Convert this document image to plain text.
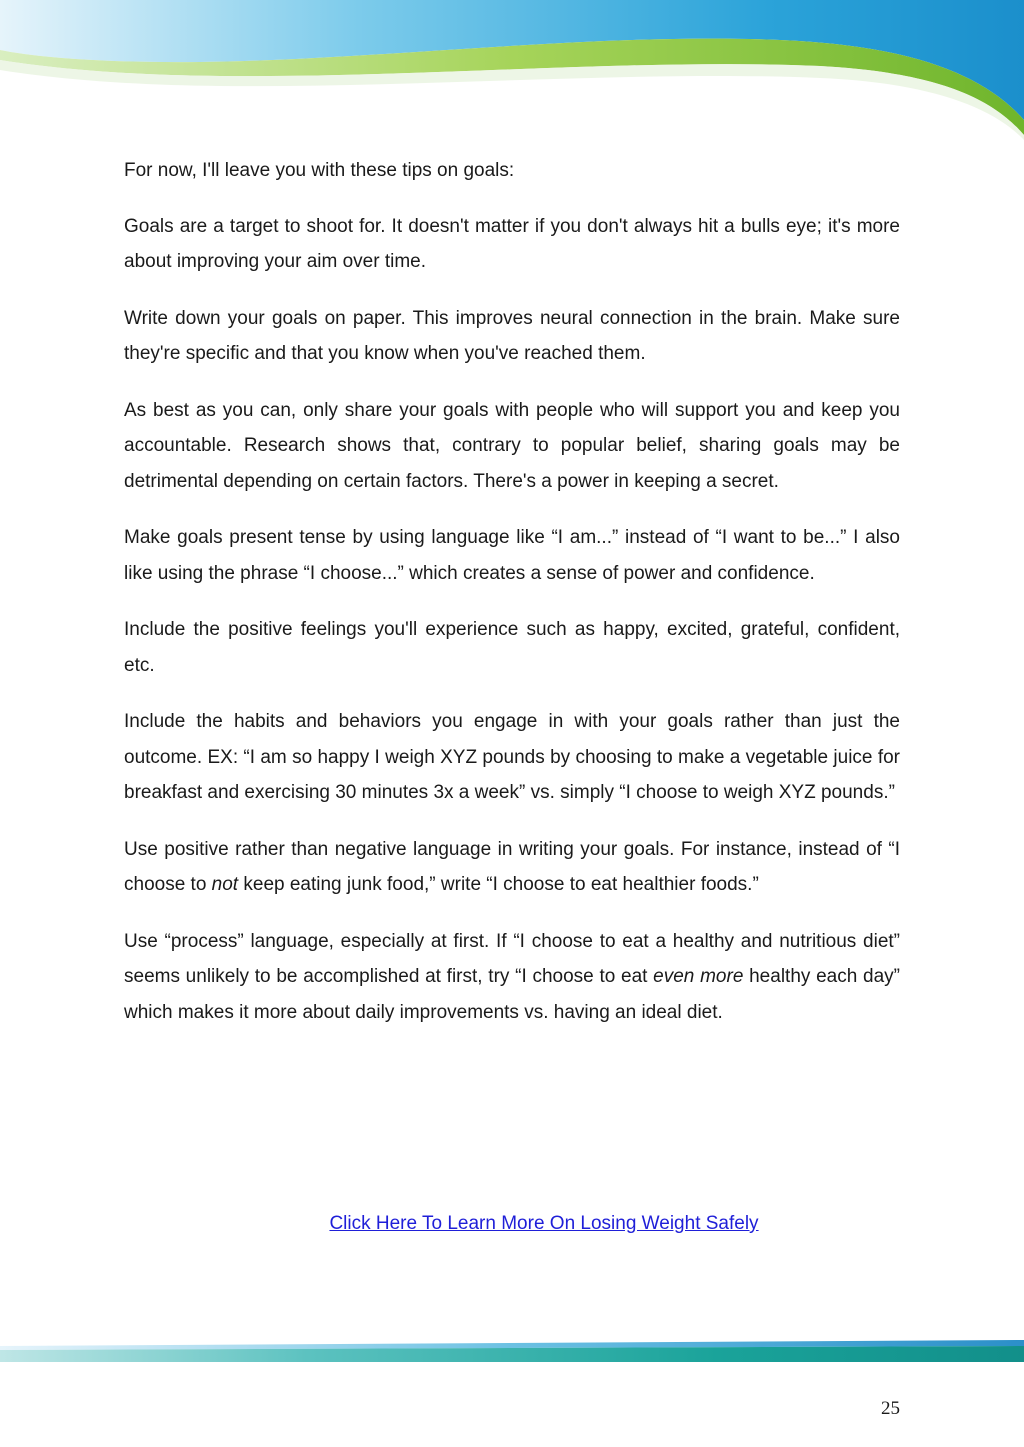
For now, I'll leave you with these tips on goals:

Goals are a target to shoot for. It doesn't matter if you don't always hit a bulls eye; it's more about improving your aim over time.

Write down your goals on paper. This improves neural connection in the brain. Make sure they're specific and that you know when you've reached them.

As best as you can, only share your goals with people who will support you and keep you accountable. Research shows that, contrary to popular belief, sharing goals may be detrimental depending on certain factors. There's a power in keeping a secret.

Make goals present tense by using language like “I am...” instead of “I want to be...” I also like using the phrase “I choose...” which creates a sense of power and confidence.

Include the positive feelings you'll experience such as happy, excited, grateful, confident, etc.

Include the habits and behaviors you engage in with your goals rather than just the outcome. EX: “I am so happy I weigh XYZ pounds by choosing to make a vegetable juice for breakfast and exercising 30 minutes 3x a week” vs. simply “I choose to weigh XYZ pounds.”

Use positive rather than negative language in writing your goals. For instance, instead of “I choose to not keep eating junk food,” write “I choose to eat healthier foods.”

Use “process” language, especially at first. If “I choose to eat a healthy and nutritious diet” seems unlikely to be accomplished at first, try “I choose to eat even more healthy each day” which makes it more about daily improvements vs. having an ideal diet.

Click Here To Learn More On Losing Weight Safely
25
